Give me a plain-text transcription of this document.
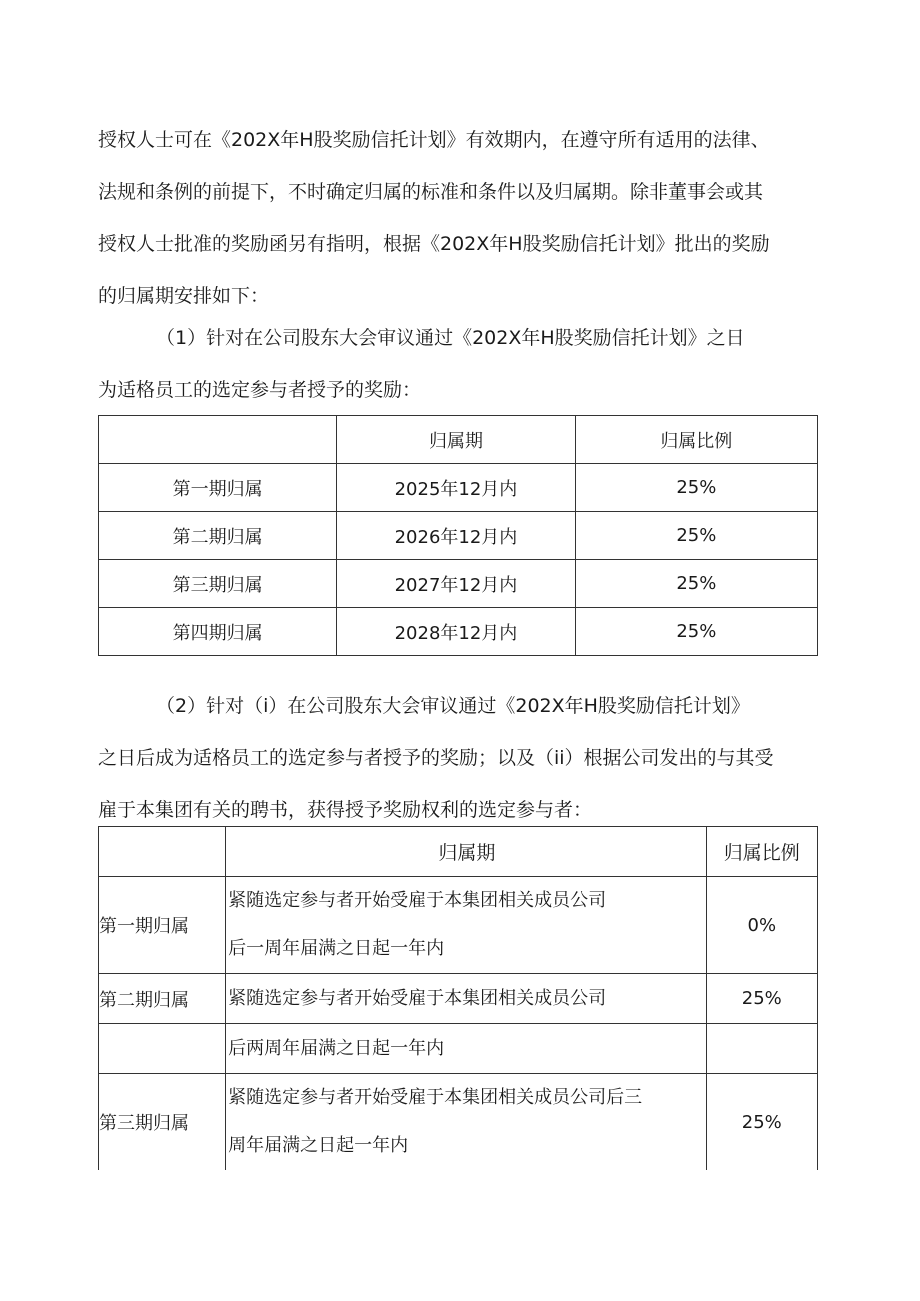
授权人士可在《202X年H股奖励信托计划》有效期内，在遵守所有适用的法律、
法规和条例的前提下，不时确定归属的标准和条件以及归属期。除非董事会或其
授权人士批准的奖励函另有指明，根据《202X年H股奖励信托计划》批出的奖励
的归属期安排如下：

（1）针对在公司股东大会审议通过《202X年H股奖励信托计划》之日
为适格员工的选定参与者授予的奖励：

	归属期	归属比例
第一期归属	2025年12月内	25%
第二期归属	2026年12月内	25%
第三期归属	2027年12月内	25%
第四期归属	2028年12月内	25%

（2）针对（i）在公司股东大会审议通过《202X年H股奖励信托计划》
之日后成为适格员工的选定参与者授予的奖励；以及（ii）根据公司发出的与其受
雇于本集团有关的聘书，获得授予奖励权利的选定参与者：

	归属期	归属比例
第一期归属	紧随选定参与者开始受雇于本集团相关成员公司
后一周年届满之日起一年内	0%
第二期归属	紧随选定参与者开始受雇于本集团相关成员公司	25%

	后两周年届满之日起一年内	

第三期归属	紧随选定参与者开始受雇于本集团相关成员公司后三
周年届满之日起一年内	25%
